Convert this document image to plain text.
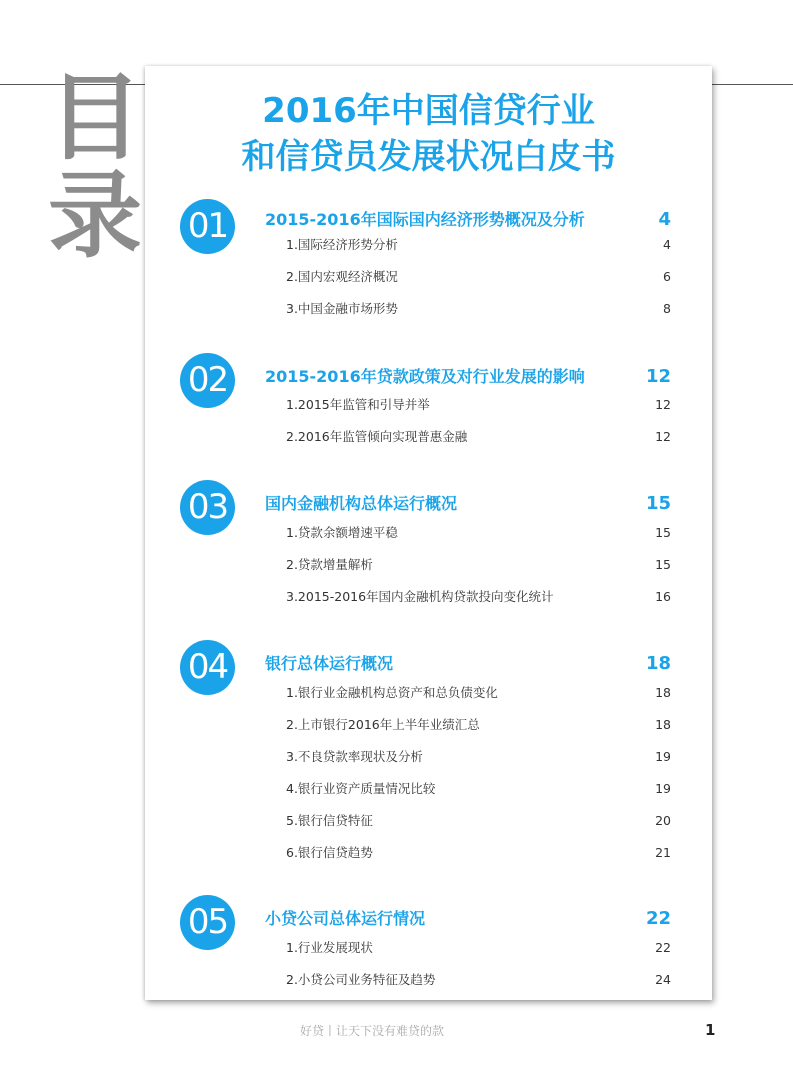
目
录
2016年中国信贷行业
和信贷员发展状况白皮书
01	2015-2016年国际国内经济形势概况及分析	4
1.国际经济形势分析	4
2.国内宏观经济概况	6
3.中国金融市场形势	8
02	2015-2016年贷款政策及对行业发展的影响	12
1.2015年监管和引导并举	12
2.2016年监管倾向实现普惠金融	12
03	国内金融机构总体运行概况	15
1.贷款余额增速平稳	15
2.贷款增量解析	15
3.2015-2016年国内金融机构贷款投向变化统计	16
04	银行总体运行概况	18
1.银行业金融机构总资产和总负债变化	18
2.上市银行2016年上半年业绩汇总	18
3.不良贷款率现状及分析	19
4.银行业资产质量情况比较	19
5.银行信贷特征	20
6.银行信贷趋势	21
05	小贷公司总体运行情况	22
1.行业发展现状	22
2.小贷公司业务特征及趋势	24
好贷丨让天下没有难贷的款	1
